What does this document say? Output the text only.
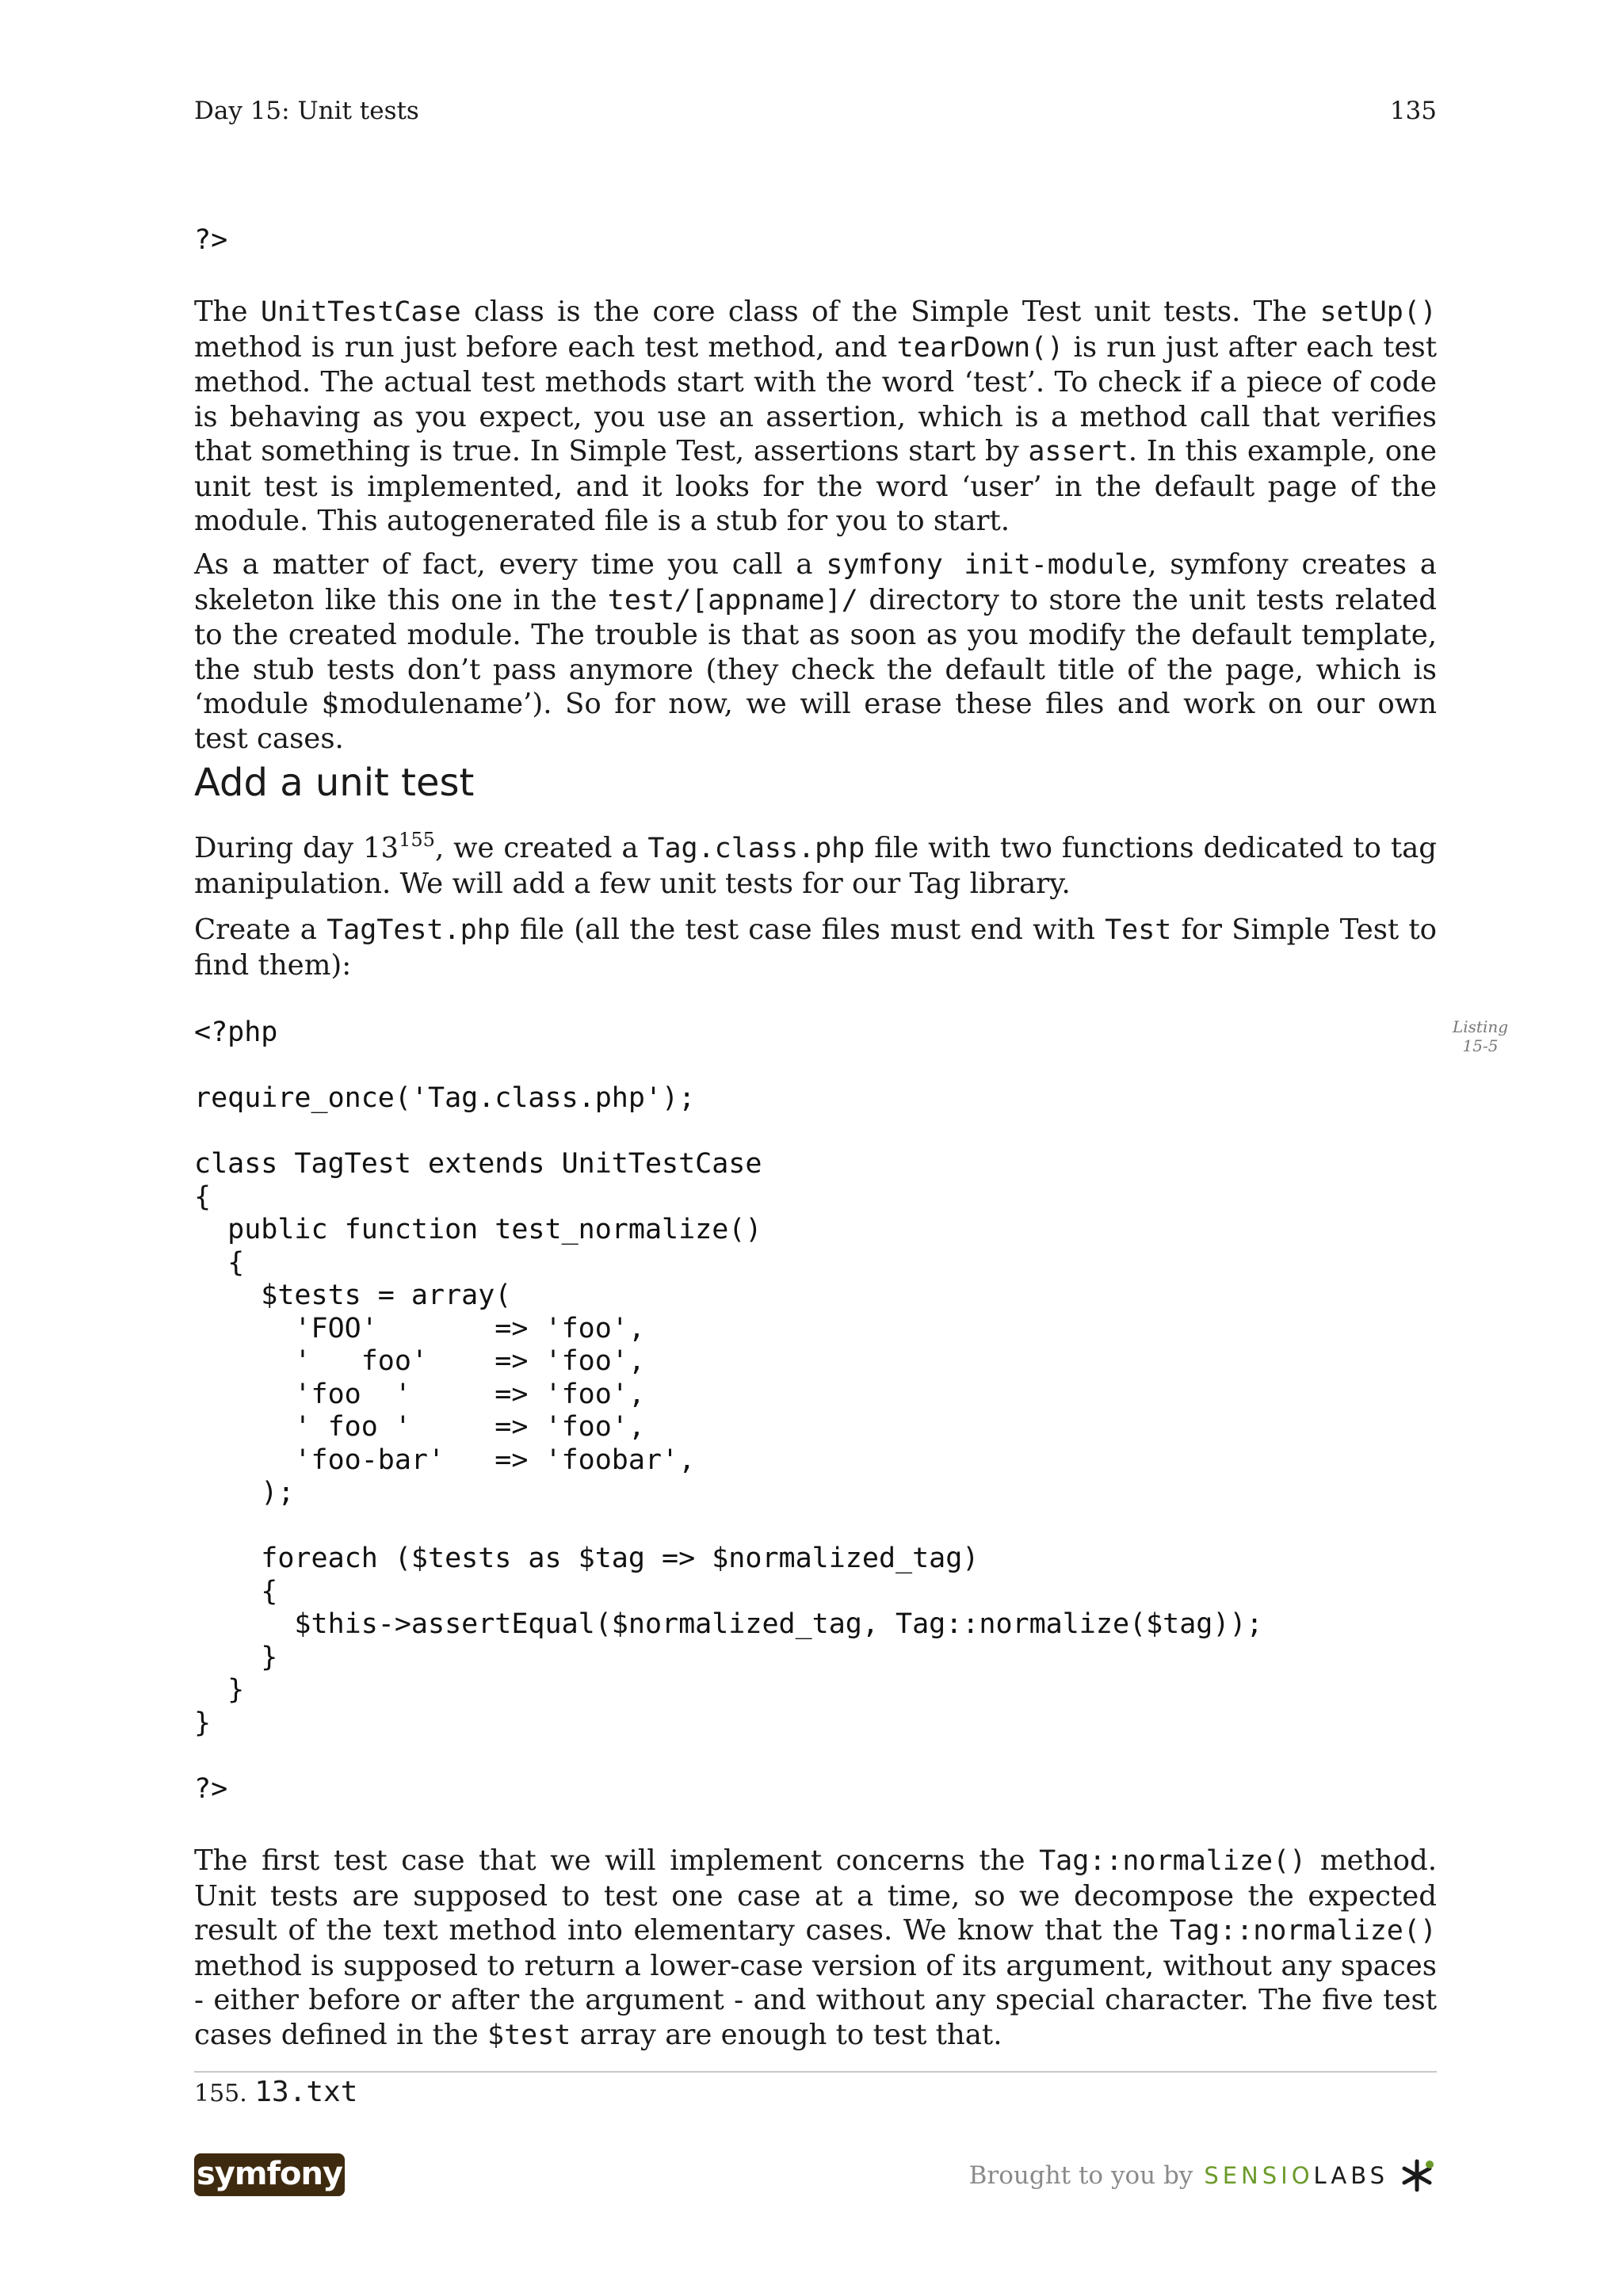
Day 15: Unit tests	135
?>

The UnitTestCase class is the core class of the Simple Test unit tests. The setUp() method is run just before each test method, and tearDown() is run just after each test method. The actual test methods start with the word ‘test’. To check if a piece of code is behaving as you expect, you use an assertion, which is a method call that verifies that something is true. In Simple Test, assertions start by assert. In this example, one unit test is implemented, and it looks for the word ‘user’ in the default page of the module. This autogenerated file is a stub for you to start.

As a matter of fact, every time you call a symfony init-module, symfony creates a skeleton like this one in the test/[appname]/ directory to store the unit tests related to the created module. The trouble is that as soon as you modify the default template, the stub tests don’t pass anymore (they check the default title of the page, which is ‘module $modulename’). So for now, we will erase these files and work on our own test cases.

Add a unit test

During day $13^{155}$, we created a Tag.class.php file with two functions dedicated to tag manipulation. We will add a few unit tests for our Tag library.

Create a TagTest.php file (all the test case files must end with Test for Simple Test to find them):

Listing
15-5
<?php

require_once('Tag.class.php');

class TagTest extends UnitTestCase
{
public function test_normalize()
{
$tests = array(
'FOO'       => 'foo',
'   foo'    => 'foo',
'foo  '     => 'foo',
' foo '     => 'foo',
'foo-bar'   => 'foobar',
);

foreach ($tests as $tag => $normalized_tag)
{
$this->assertEqual($normalized_tag, Tag::normalize($tag));
}
}
}

?>

The first test case that we will implement concerns the Tag::normalize() method. Unit tests are supposed to test one case at a time, so we decompose the expected result of the text method into elementary cases. We know that the Tag::normalize() method is supposed to return a lower-case version of its argument, without any spaces - either before or after the argument - and without any special character. The five test cases defined in the $test array are enough to test that.

155. 13.txt
symfony	Brought to you by SENSIOLABS
